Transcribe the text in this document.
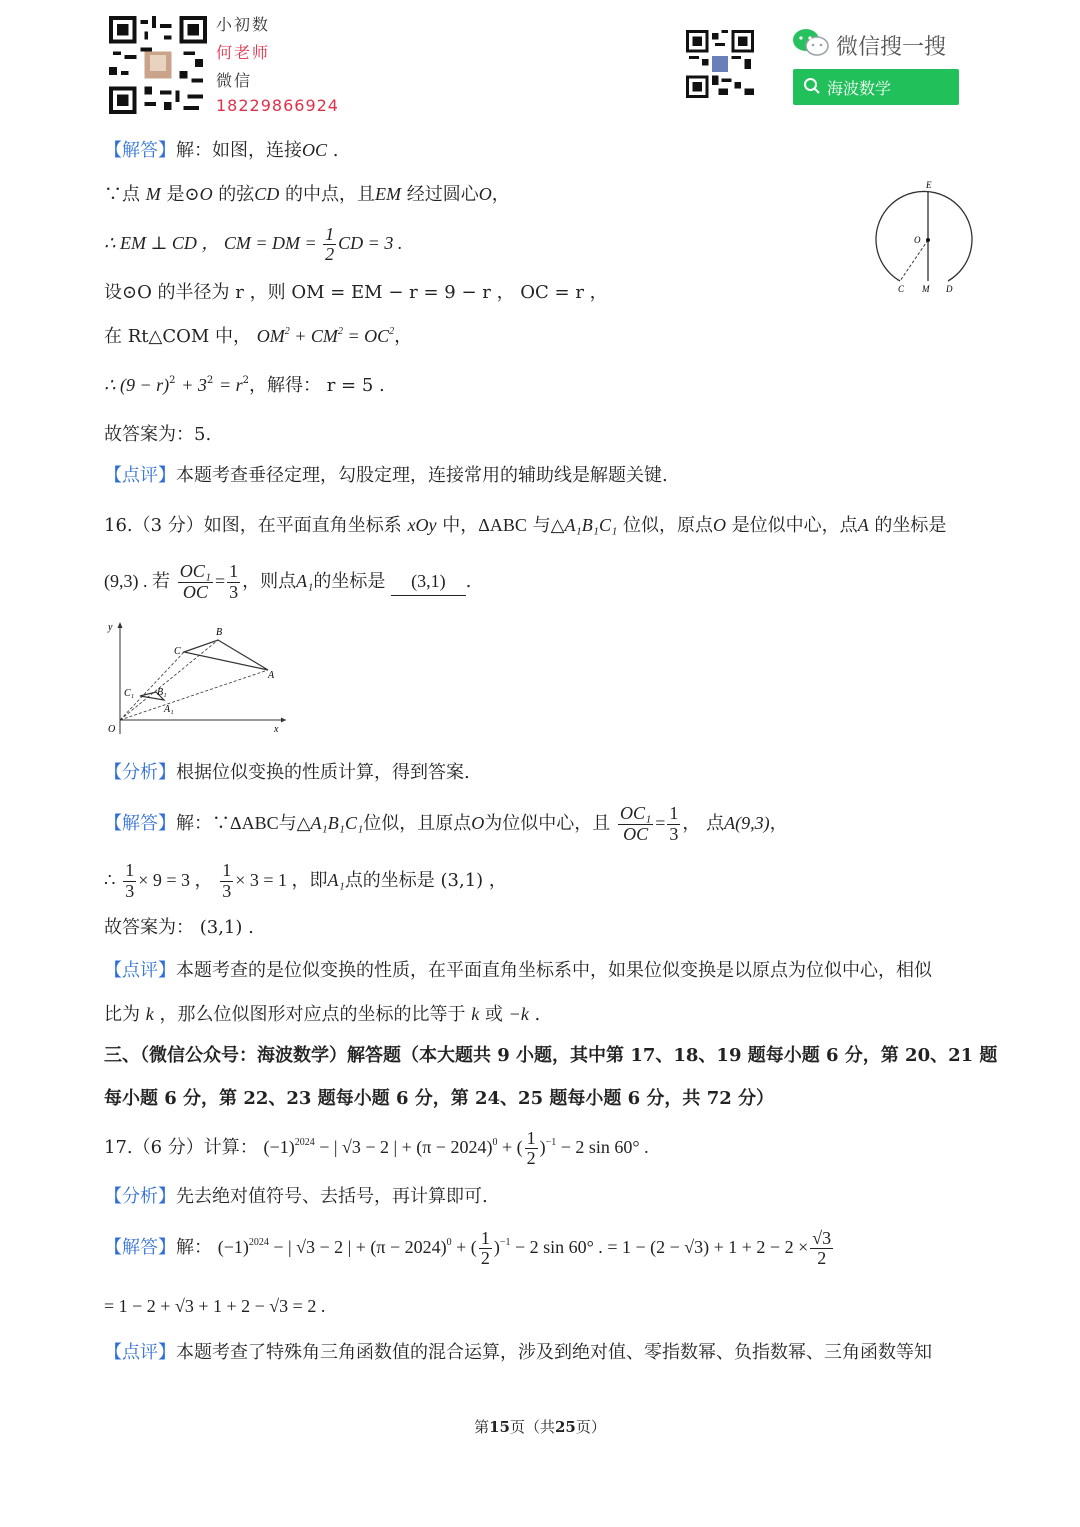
小初数
何老师
微信
18229866924
微信搜一搜
海波数学
【解答】解：如图，连接OC .
∵点 M 是⊙O 的弦CD 的中点，且EM 经过圆心O，
∴ EM ⊥ CD ， CM = DM = $\frac{1}{2}$ CD = 3 .
设⊙O 的半径为 r ，则 OM = EM − r = 9 − r ， OC = r ，
在 Rt△COM 中， $OM^2 + CM^2 = OC^2$，
∴ $(9 - r)^2 + 3^2 = r^2$，解得： r = 5 .
故答案为：5.
【点评】本题考查垂径定理，勾股定理，连接常用的辅助线是解题关键.
E
O
C M D
16.（3 分）如图，在平面直角坐标系 xOy 中，ΔABC 与△A₁B₁C₁ 位似，原点O 是位似中心，点A 的坐标是
(9,3) . 若 $\frac{\text{OC₁}}{OC} = \frac{1}{3}$ ，则点A₁的坐标是 (3,1) .
y	B
C
A
C₁ B₁
A₁
O	x
【分析】根据位似变换的性质计算，得到答案.
【解答】解：∵ΔABC与△A₁B₁C₁位似，且原点O为位似中心，且 $\frac{\text{OC₁}}{OC} = \frac{1}{3}$ ， 点A(9,3)，
∴ $\frac{1}{3} \times 9 = 3$ ， $\frac{1}{3} \times 3 = 1$ ，即A₁点的坐标是 (3,1) ，
故答案为： (3,1) .
【点评】本题考查的是位似变换的性质，在平面直角坐标系中，如果位似变换是以原点为位似中心，相似
比为 k ，那么位似图形对应点的坐标的比等于 k 或 −k .
三、（微信公众号：海波数学）解答题（本大题共 9 小题，其中第 17、18、19 题每小题 6 分，第 20、21 题
每小题 6 分，第 22、23 题每小题 6 分，第 24、25 题每小题 6 分，共 72 分）
17.（6 分）计算： $(-1)^{2024}$ − | √3 − 2 | + $(\pi - 2024)^0$ + ( $\frac{1}{2} )^{-1} - 2$ sin 60° .
【分析】先去绝对值符号、去括号，再计算即可.
【解答】解： $(-1)^{2024}$ − | √3 − 2 | + $(\pi - 2024)^0$ + ( $\frac{1}{2} )^{-1} - 2$ sin 60° . = $1 - (2 - √3) + 1 + 2 - 2 \times \frac{√3}{2}$
= 1 − 2 + √3 + 1 + 2 − √3 = 2 .
【点评】本题考查了特殊角三角函数值的混合运算，涉及到绝对值、零指数幂、负指数幂、三角函数等知
第15页（共25页）
